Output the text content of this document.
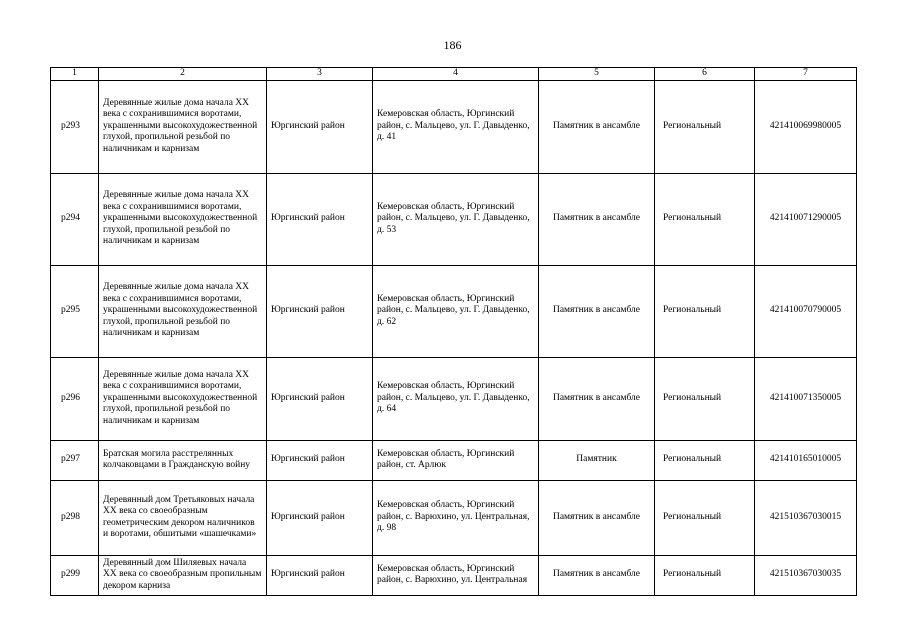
186
1	2	3	4	5	6	7
р293	Деревянные жилые дома начала XX века с сохранившимися воротами, украшенными высокохудожественной глухой, пропильной резьбой по наличникам и карнизам	Юргинский район	Кемеровская область, Юргинский район, с. Мальцево, ул. Г. Давыденко, д. 41	Памятник в ансамбле	Региональный	421410069980005
р294	Деревянные жилые дома начала XX века с сохранившимися воротами, украшенными высокохудожественной глухой, пропильной резьбой по наличникам и карнизам	Юргинский район	Кемеровская область, Юргинский район, с. Мальцево, ул. Г. Давыденко, д. 53	Памятник в ансамбле	Региональный	421410071290005
р295	Деревянные жилые дома начала XX века с сохранившимися воротами, украшенными высокохудожественной глухой, пропильной резьбой по наличникам и карнизам	Юргинский район	Кемеровская область, Юргинский район, с. Мальцево, ул. Г. Давыденко, д. 62	Памятник в ансамбле	Региональный	421410070790005
р296	Деревянные жилые дома начала XX века с сохранившимися воротами, украшенными высокохудожественной глухой, пропильной резьбой по наличникам и карнизам	Юргинский район	Кемеровская область, Юргинский район, с. Мальцево, ул. Г. Давыденко, д. 64	Памятник в ансамбле	Региональный	421410071350005
р297	Братская могила расстрелянных колчаковцами в Гражданскую войну	Юргинский район	Кемеровская область, Юргинский район, ст. Арлюк	Памятник	Региональный	421410165010005
р298	Деревянный дом Третьяковых начала XX века со своеобразным геометрическим декором наличников и воротами, обшитыми «шашечками»	Юргинский район	Кемеровская область, Юргинский район, с. Варюхино, ул. Центральная, д. 98	Памятник в ансамбле	Региональный	421510367030015
р299	Деревянный дом Шиляевых начала XX века со своеобразным пропильным декором карниза	Юргинский район	Кемеровская область, Юргинский район, с. Варюхино, ул. Центральная	Памятник в ансамбле	Региональный	421510367030035
